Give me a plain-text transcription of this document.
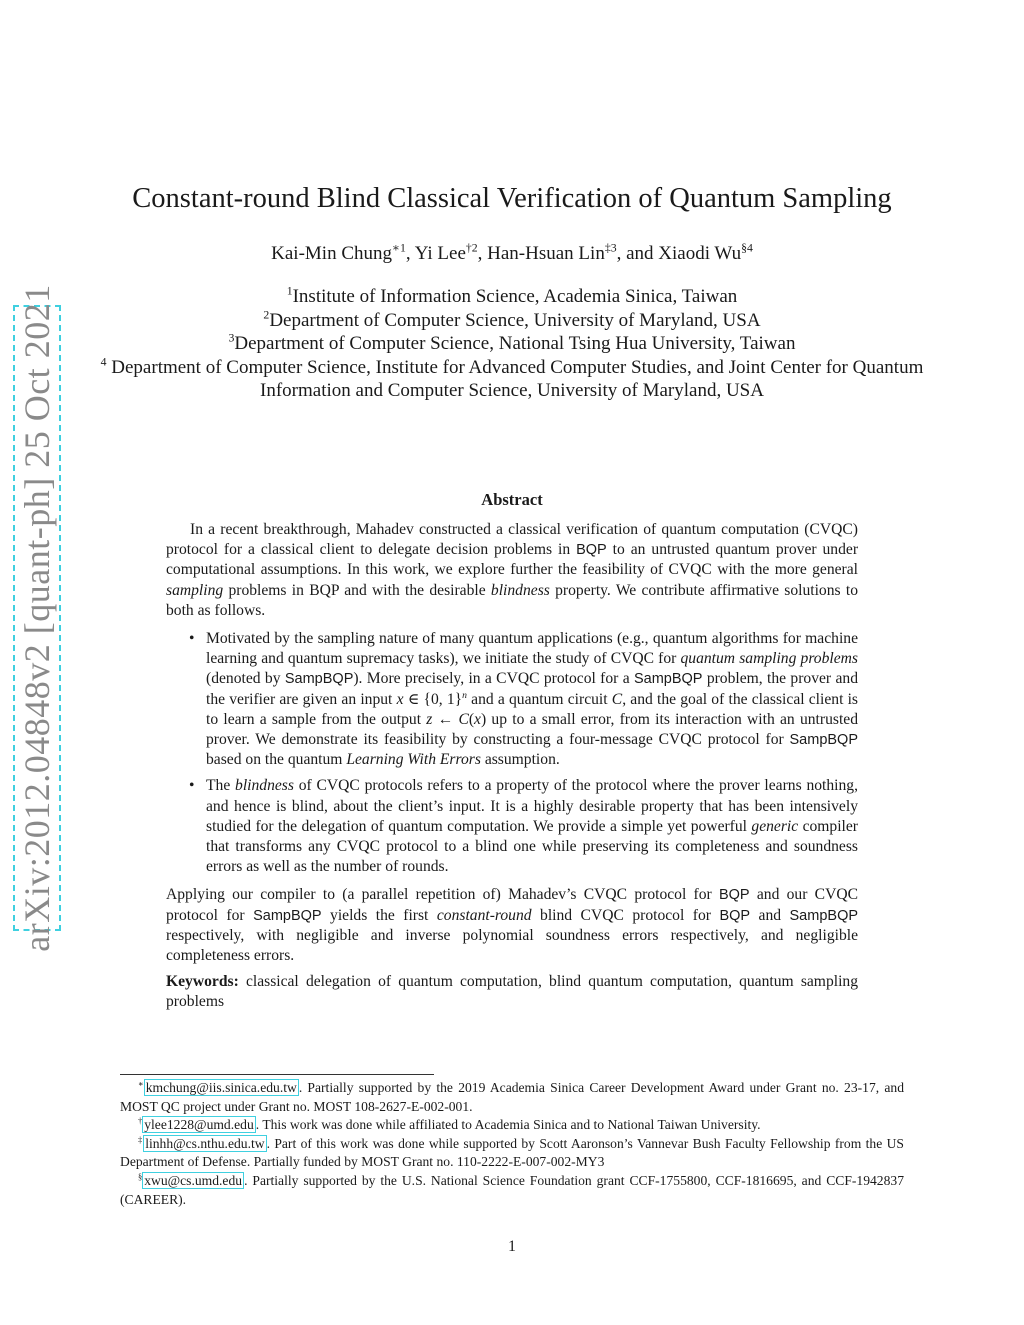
arXiv:2012.04848v2 [quant-ph] 25 Oct 2021
Constant-round Blind Classical Verification of Quantum Sampling
Kai-Min Chung$^{∗1}$, Yi Lee$^{\dagger 2}$, Han-Hsuan Lin$^{\ddagger 3}$, and Xiaodi Wu$^{\S 4}$
$^1$Institute of Information Science, Academia Sinica, Taiwan
$^2$Department of Computer Science, University of Maryland, USA
$^3$Department of Computer Science, National Tsing Hua University, Taiwan
$^4$ Department of Computer Science, Institute for Advanced Computer Studies, and Joint Center for Quantum Information and Computer Science, University of Maryland, USA
Abstract

In a recent breakthrough, Mahadev constructed a classical verification of quantum computation (CVQC) protocol for a classical client to delegate decision problems in BQP to an untrusted quantum prover under computational assumptions. In this work, we explore further the feasibility of CVQC with the more general sampling problems in BQP and with the desirable blindness property. We contribute affirmative solutions to both as follows.

• Motivated by the sampling nature of many quantum applications (e.g., quantum algorithms for machine learning and quantum supremacy tasks), we initiate the study of CVQC for quantum sampling problems (denoted by SampBQP). More precisely, in a CVQC protocol for a SampBQP problem, the prover and the verifier are given an input x ∈ {0, 1}$^n$ and a quantum circuit C, and the goal of the classical client is to learn a sample from the output z ← C(x) up to a small error, from its interaction with an untrusted prover. We demonstrate its feasibility by constructing a four-message CVQC protocol for SampBQP based on the quantum Learning With Errors assumption.
• The blindness of CVQC protocols refers to a property of the protocol where the prover learns nothing, and hence is blind, about the client’s input. It is a highly desirable property that has been intensively studied for the delegation of quantum computation. We provide a simple yet powerful generic compiler that transforms any CVQC protocol to a blind one while preserving its completeness and soundness errors as well as the number of rounds.

Applying our compiler to (a parallel repetition of) Mahadev’s CVQC protocol for BQP and our CVQC protocol for SampBQP yields the first constant-round blind CVQC protocol for BQP and SampBQP respectively, with negligible and inverse polynomial soundness errors respectively, and negligible completeness errors.

Keywords: classical delegation of quantum computation, blind quantum computation, quantum sampling problems

∗ kmchung@iis.sinica.edu.tw . Partially supported by the 2019 Academia Sinica Career Development Award under Grant no. 23-17, and MOST QC project under Grant no. MOST 108-2627-E-002-001.

† ylee1228@umd.edu . This work was done while affiliated to Academia Sinica and to National Taiwan University.

‡ linhh@cs.nthu.edu.tw . Part of this work was done while supported by Scott Aaronson’s Vannevar Bush Faculty Fellowship from the US Department of Defense. Partially funded by MOST Grant no. 110-2222-E-007-002-MY3

§ xwu@cs.umd.edu . Partially supported by the U.S. National Science Foundation grant CCF-1755800, CCF-1816695, and CCF-1942837 (CAREER).

1
